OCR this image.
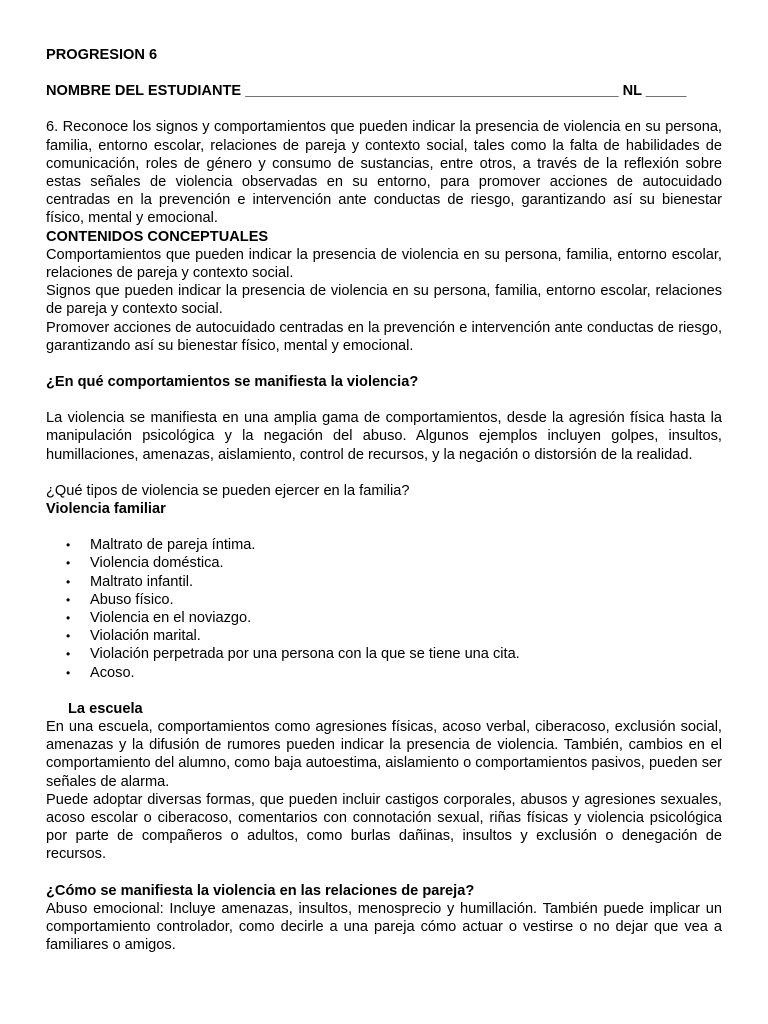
PROGRESION 6

NOMBRE DEL ESTUDIANTE ______________________________________________ NL _____

6. Reconoce los signos y comportamientos que pueden indicar la presencia de violencia en su persona, familia, entorno escolar, relaciones de pareja y contexto social, tales como la falta de habilidades de comunicación, roles de género y consumo de sustancias, entre otros, a través de la reflexión sobre estas señales de violencia observadas en su entorno, para promover acciones de autocuidado centradas en la prevención e intervención ante conductas de riesgo, garantizando así su bienestar físico, mental y emocional.

CONTENIDOS CONCEPTUALES

Comportamientos que pueden indicar la presencia de violencia en su persona, familia, entorno escolar, relaciones de pareja y contexto social.

Signos que pueden indicar la presencia de violencia en su persona, familia, entorno escolar, relaciones de pareja y contexto social.

Promover acciones de autocuidado centradas en la prevención e intervención ante conductas de riesgo, garantizando así su bienestar físico, mental y emocional.

¿En qué comportamientos se manifiesta la violencia?

La violencia se manifiesta en una amplia gama de comportamientos, desde la agresión física hasta la manipulación psicológica y la negación del abuso. Algunos ejemplos incluyen golpes, insultos, humillaciones, amenazas, aislamiento, control de recursos, y la negación o distorsión de la realidad.

¿Qué tipos de violencia se pueden ejercer en la familia?

Violencia familiar

• Maltrato de pareja íntima.
• Violencia doméstica.
• Maltrato infantil.
• Abuso físico.
• Violencia en el noviazgo.
• Violación marital.
• Violación perpetrada por una persona con la que se tiene una cita.
• Acoso.

La escuela

En una escuela, comportamientos como agresiones físicas, acoso verbal, ciberacoso, exclusión social, amenazas y la difusión de rumores pueden indicar la presencia de violencia. También, cambios en el comportamiento del alumno, como baja autoestima, aislamiento o comportamientos pasivos, pueden ser señales de alarma.

Puede adoptar diversas formas, que pueden incluir castigos corporales, abusos y agresiones sexuales, acoso escolar o ciberacoso, comentarios con connotación sexual, riñas físicas y violencia psicológica por parte de compañeros o adultos, como burlas dañinas, insultos y exclusión o denegación de recursos.

¿Cómo se manifiesta la violencia en las relaciones de pareja?

Abuso emocional: Incluye amenazas, insultos, menosprecio y humillación. También puede implicar un comportamiento controlador, como decirle a una pareja cómo actuar o vestirse o no dejar que vea a familiares o amigos.
